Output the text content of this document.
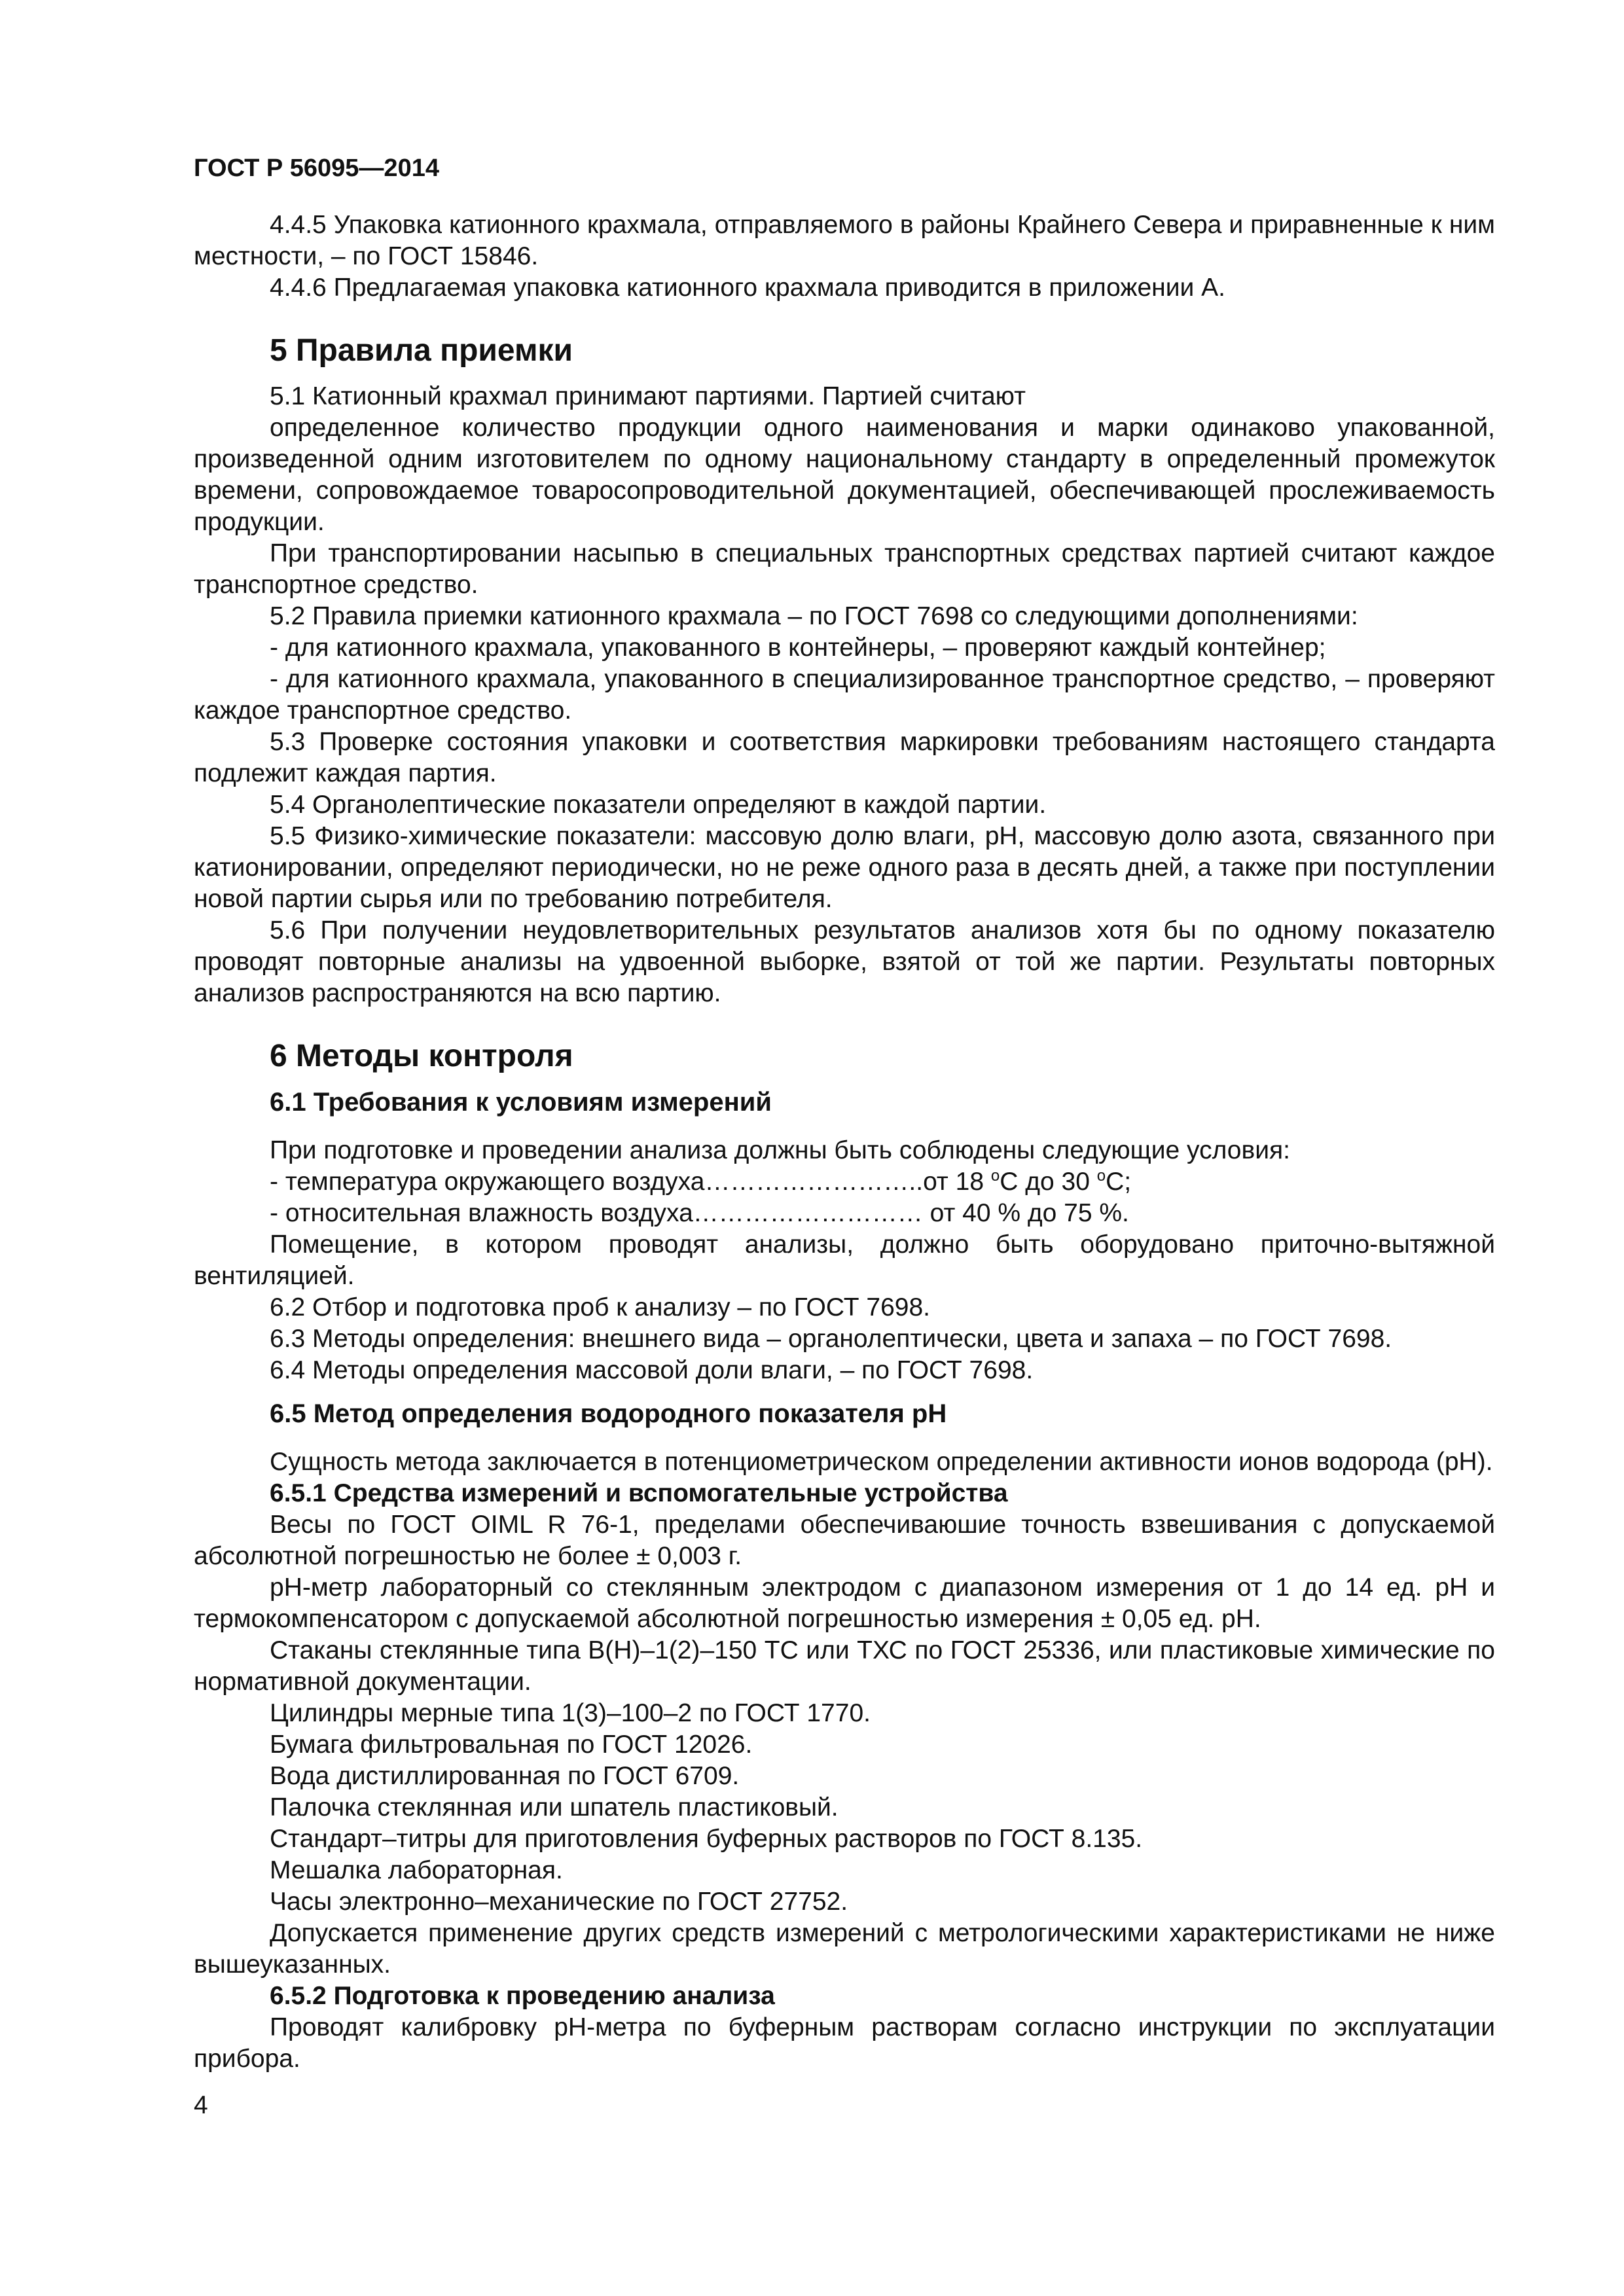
ГОСТ Р 56095—2014

4.4.5 Упаковка катионного крахмала, отправляемого в районы Крайнего Севера и приравненные к ним местности, – по ГОСТ 15846.

4.4.6 Предлагаемая упаковка катионного крахмала приводится в приложении А.

5 Правила приемки

5.1 Катионный крахмал принимают партиями. Партией считают

определенное количество продукции одного наименования и марки одинаково упакованной, произведенной одним изготовителем по одному национальному стандарту в определенный промежуток времени, сопровождаемое товаросопроводительной документацией, обеспечивающей прослеживаемость продукции.

При транспортировании насыпью в специальных транспортных средствах партией считают каждое транспортное средство.

5.2 Правила приемки катионного крахмала – по ГОСТ 7698 со следующими дополнениями:

- для катионного крахмала, упакованного в контейнеры, – проверяют каждый контейнер;

- для катионного крахмала, упакованного в специализированное транспортное средство, – проверяют каждое транспортное средство.

5.3 Проверке состояния упаковки и соответствия маркировки требованиям настоящего стандарта подлежит каждая партия.

5.4 Органолептические показатели определяют в каждой партии.

5.5 Физико-химические показатели: массовую долю влаги, рН, массовую долю азота, связанного при катионировании, определяют периодически, но не реже одного раза в десять дней, а также при поступлении новой партии сырья или по требованию потребителя.

5.6 При получении неудовлетворительных результатов анализов хотя бы по одному показателю проводят повторные анализы на удвоенной выборке, взятой от той же партии. Результаты повторных анализов распространяются на всю партию.

6 Методы контроля
6.1 Требования к условиям измерений

При подготовке и проведении анализа должны быть соблюдены следующие условия:

- температура окружающего воздуха……………………..от 18 $^o$С до 30 $^o$С;

- относительная влажность воздуха……………………… от 40 % до 75 %.

Помещение, в котором проводят анализы, должно быть оборудовано приточно-вытяжной вентиляцией.

6.2 Отбор и подготовка проб к анализу – по ГОСТ 7698.

6.3 Методы определения: внешнего вида – органолептически, цвета и запаха – по ГОСТ 7698.

6.4 Методы определения массовой доли влаги, – по ГОСТ 7698.

6.5 Метод определения водородного показателя рН

Сущность метода заключается в потенциометрическом определении активности ионов водорода (рН).

6.5.1 Средства измерений и вспомогательные устройства

Весы по ГОСТ OIML R 76-1, пределами обеспечиваюшие точность взвешивания с допускаемой абсолютной погрешностью не более ± 0,003 г.

рН-метр лабораторный со стеклянным электродом с диапазоном измерения от 1 до 14 ед. рН и термокомпенсатором с допускаемой абсолютной погрешностью измерения ± 0,05 ед. рН.

Стаканы стеклянные типа В(Н)–1(2)–150 ТС или ТХС по ГОСТ 25336, или пластиковые химические по нормативной документации.

Цилиндры мерные типа 1(3)–100–2 по ГОСТ 1770.

Бумага фильтровальная по ГОСТ 12026.

Вода дистиллированная по ГОСТ 6709.

Палочка стеклянная или шпатель пластиковый.

Стандарт–титры для приготовления буферных растворов по ГОСТ 8.135.

Мешалка лабораторная.

Часы электронно–механические по ГОСТ 27752.

Допускается применение других средств измерений с метрологическими характеристиками не ниже вышеуказанных.

6.5.2 Подготовка к проведению анализа

Проводят калибровку рН-метра по буферным растворам согласно инструкции по эксплуатации прибора.

4
